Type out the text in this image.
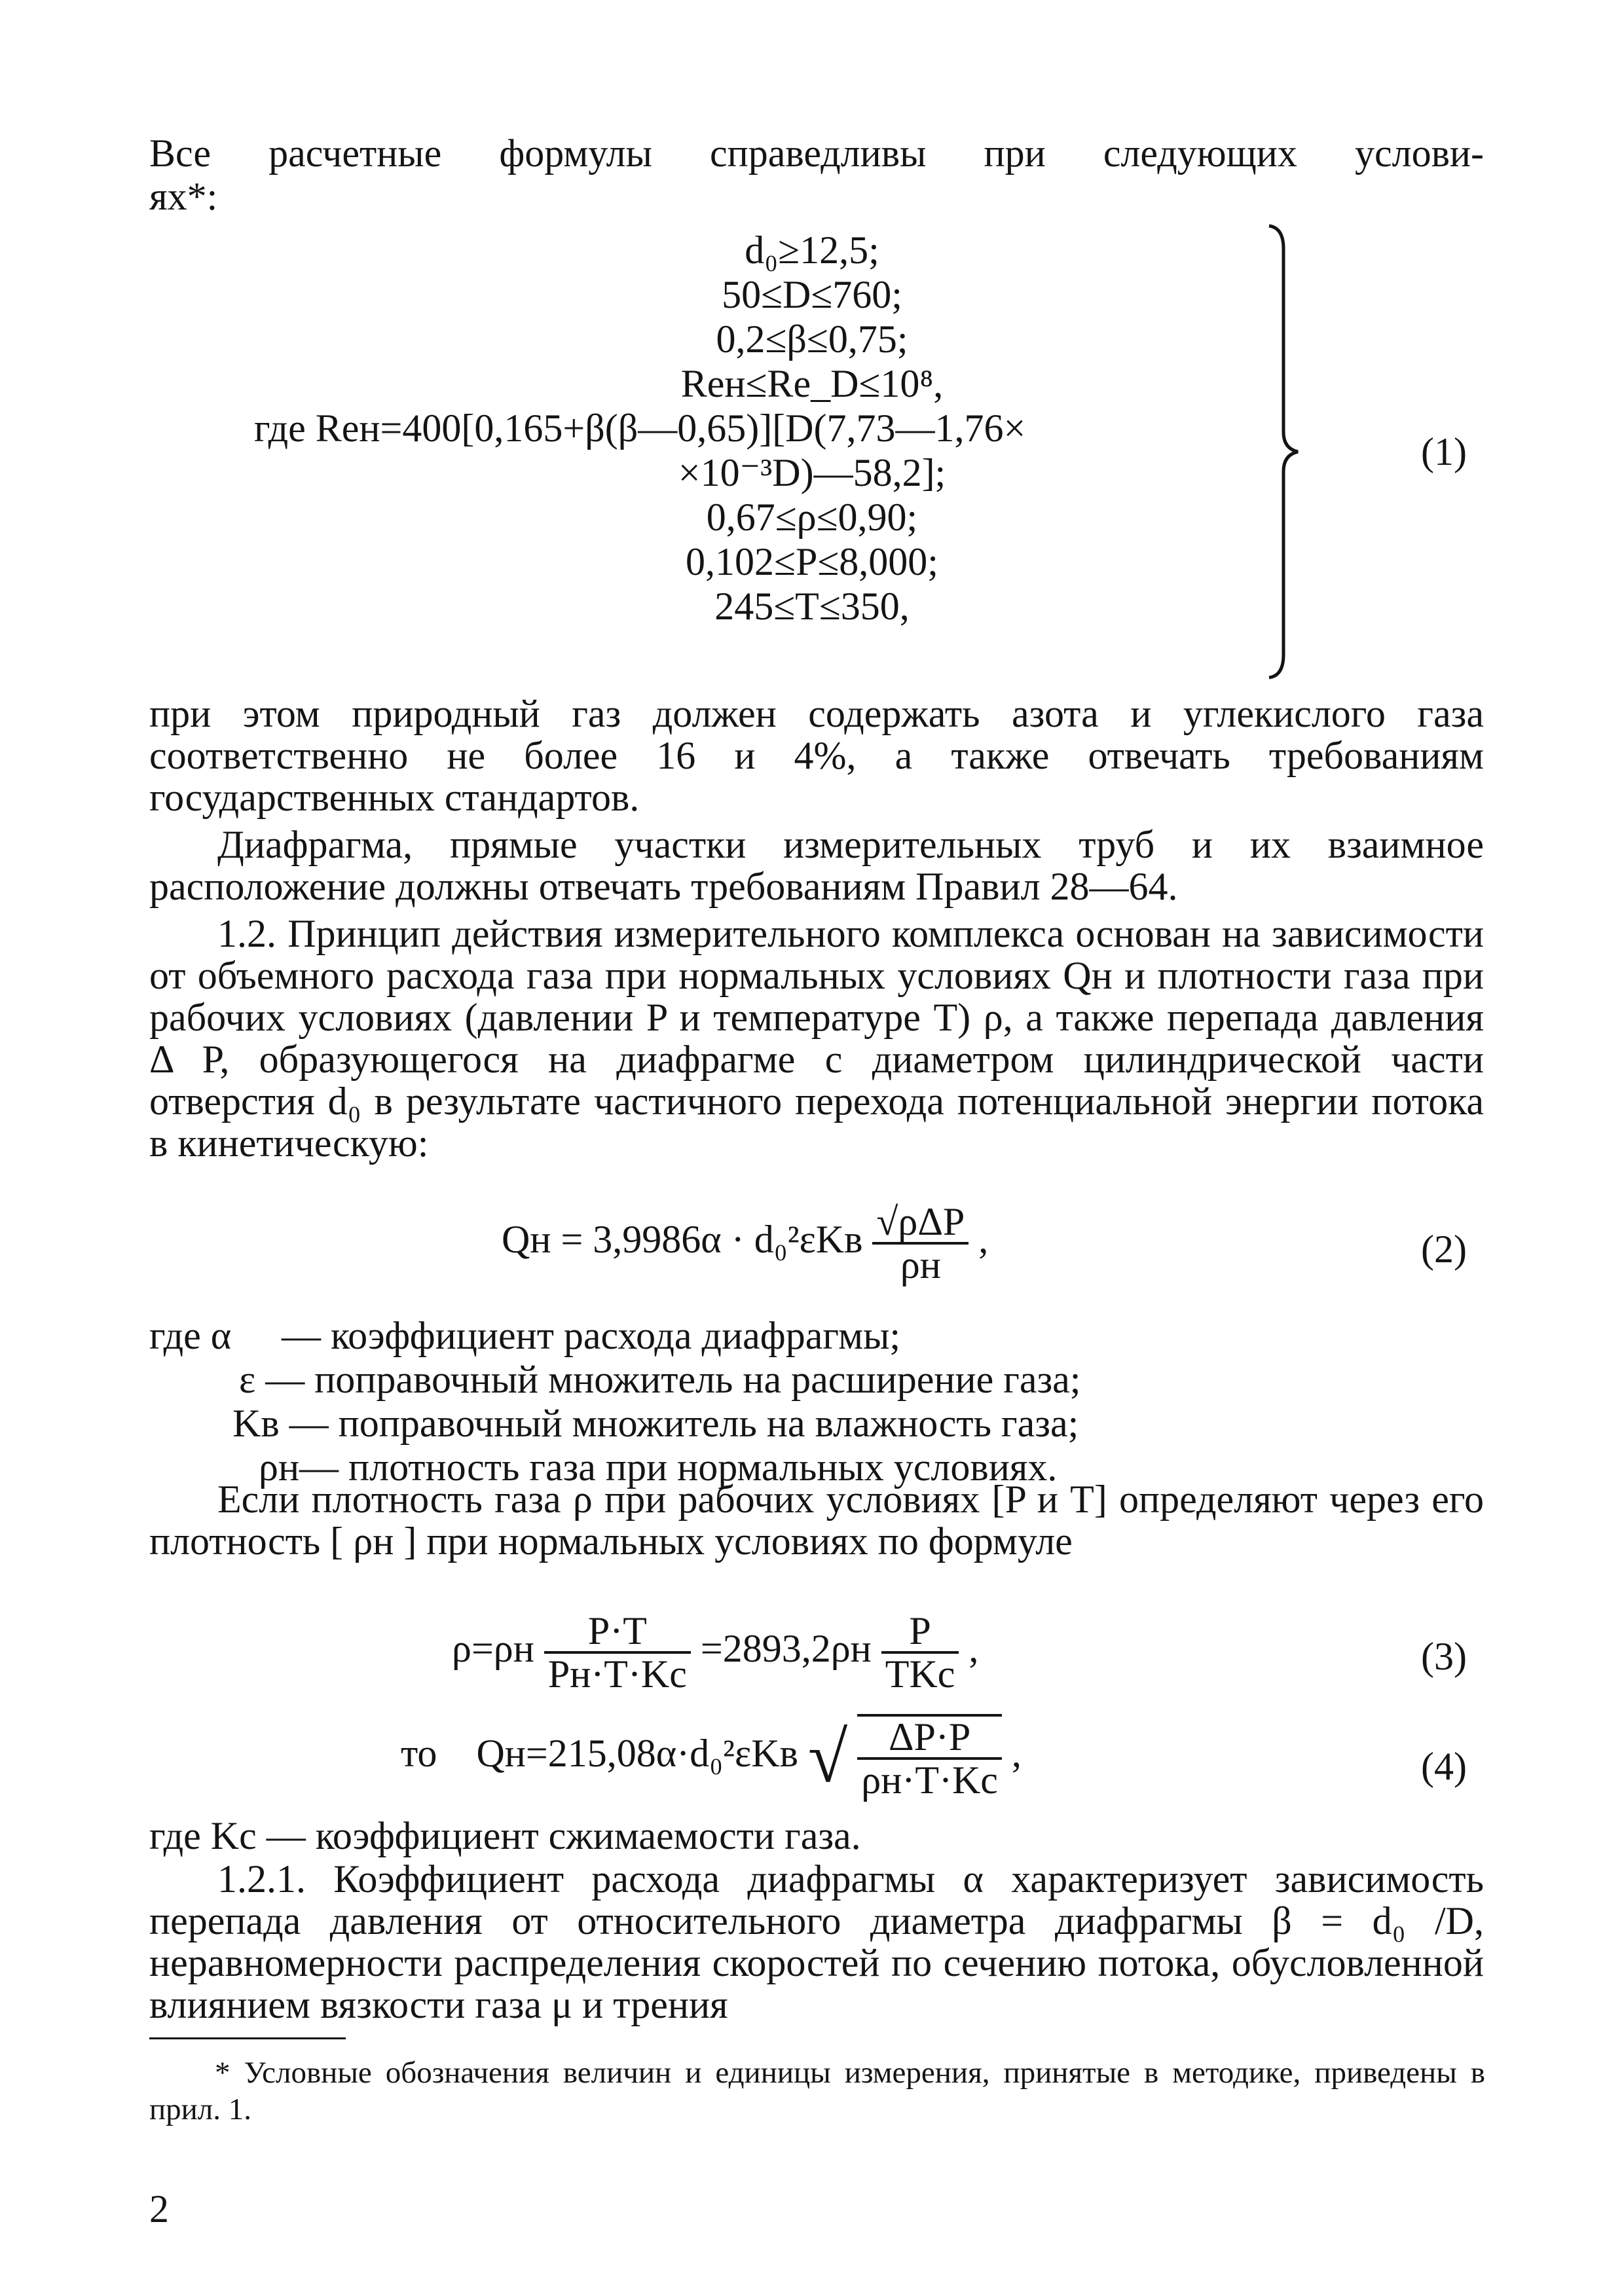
Все расчетные формулы справедливы при следующих услови-
ях*:
d₀≥12,5;
50≤D≤760;
0,2≤β≤0,75;
Reн≤Re_D≤10⁸,
где Reн=400[0,165+β(β—0,65)][D(7,73—1,76×
×10⁻³D)—58,2];
0,67≤ρ≤0,90;
0,102≤P≤8,000;
245≤T≤350,
(1)

при этом природный газ должен содержать азота и углекислого газа соответственно не более 16 и 4%, а также отвечать требованиям государственных стандартов.

Диафрагма, прямые участки измерительных труб и их взаимное расположение должны отвечать требованиям Правил 28—64.

1.2. Принцип действия измерительного комплекса основан на зависимости от объемного расхода газа при нормальных условиях Qн и плотности газа при рабочих условиях (давлении P и температуре T) ρ, а также перепада давления Δ P, образующегося на диафрагме с диаметром цилиндрической части отверстия d₀ в результате частичного перехода потенциальной энергии потока в кинетическую:

Qн = $3,9986\alpha \cdot d_0^2\varepsilon Kв \frac{\text{√ρΔP}}{\rho н}$ ,	(2)
где α — коэффициент расхода диафрагмы;
ε — поправочный множитель на расширение газа;
Kв — поправочный множитель на влажность газа;
ρн— плотность газа при нормальных условиях.

Если плотность газа ρ при рабочих условиях [P и T] определяют через его плотность [ ρн ] при нормальных условиях по формуле

$\rho=\rho н \frac{P\cdot T}{Pн\cdot T\cdot Kс} =2893,2\rho н \frac{P}{\text{TKс}}$ ,	(3)
то Qн=215,08α·d₀²εKв √ $\frac{\Delta P\cdot P}{\rho н\cdot T\cdot Kс}$ ,	(4)
где Kс — коэффициент сжимаемости газа.

1.2.1. Коэффициент расхода диафрагмы α характеризует зависимость перепада давления от относительного диаметра диафрагмы β = d₀ /D, неравномерности распределения скоростей по сечению потока, обусловленной влиянием вязкости газа μ и трения

* Условные обозначения величин и единицы измерения, принятые в методике, приведены в прил. 1.

2
